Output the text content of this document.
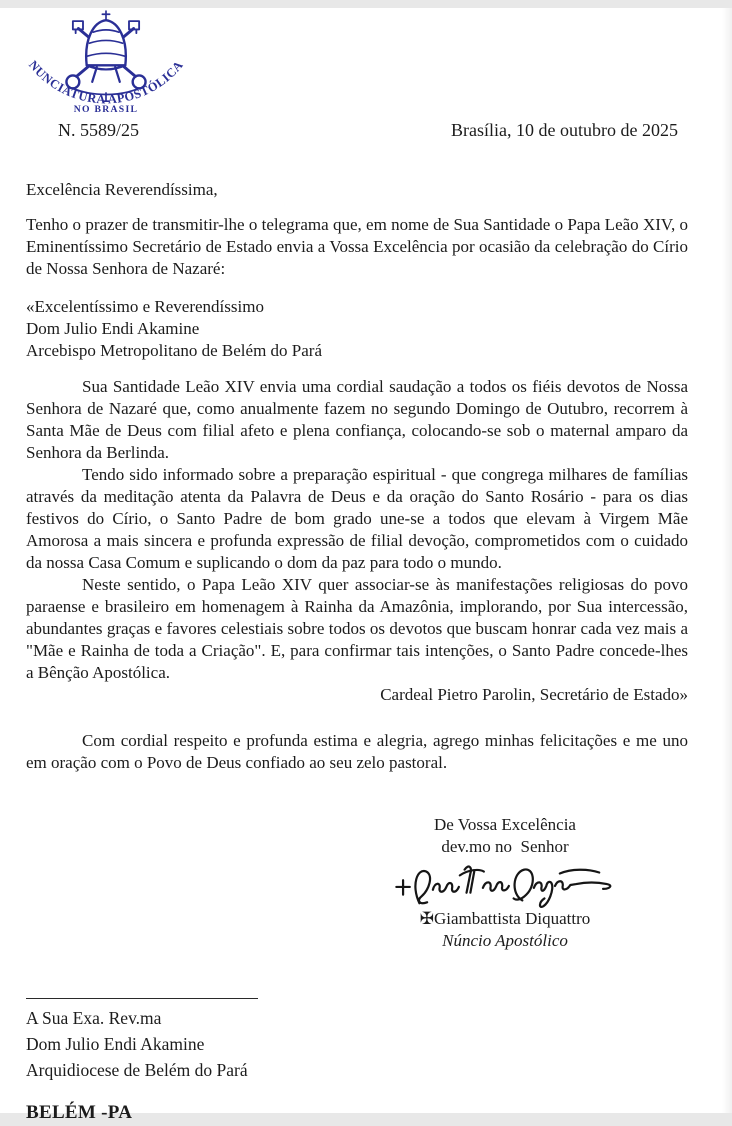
NUNCIATURA APOSTÓLICA
NO BRASIL
N. 5589/25	Brasília, 10 de outubro de 2025
Excelência Reverendíssima,

Tenho o prazer de transmitir-lhe o telegrama que, em nome de Sua Santidade o Papa Leão XIV, o Eminentíssimo Secretário de Estado envia a Vossa Excelência por ocasião da celebração do Círio de Nossa Senhora de Nazaré:

«Excelentíssimo e Reverendíssimo
Dom Julio Endi Akamine
Arcebispo Metropolitano de Belém do Pará

Sua Santidade Leão XIV envia uma cordial saudação a todos os fiéis devotos de Nossa Senhora de Nazaré que, como anualmente fazem no segundo Domingo de Outubro, recorrem à Santa Mãe de Deus com filial afeto e plena confiança, colocando-se sob o maternal amparo da Senhora da Berlinda.

Tendo sido informado sobre a preparação espiritual - que congrega milhares de famílias através da meditação atenta da Palavra de Deus e da oração do Santo Rosário - para os dias festivos do Círio, o Santo Padre de bom grado une-se a todos que elevam à Virgem Mãe Amorosa a mais sincera e profunda expressão de filial devoção, comprometidos com o cuidado da nossa Casa Comum e suplicando o dom da paz para todo o mundo.

Neste sentido, o Papa Leão XIV quer associar-se às manifestações religiosas do povo paraense e brasileiro em homenagem à Rainha da Amazônia, implorando, por Sua intercessão, abundantes graças e favores celestiais sobre todos os devotos que buscam honrar cada vez mais a "Mãe e Rainha de toda a Criação". E, para confirmar tais intenções, o Santo Padre concede-lhes a Bênção Apostólica.

Cardeal Pietro Parolin, Secretário de Estado»

Com cordial respeito e profunda estima e alegria, agrego minhas felicitações e me uno em oração com o Povo de Deus confiado ao seu zelo pastoral.

De Vossa Excelência
dev.mo no  Senhor
✠Giambattista Diquattro
Núncio Apostólico
A Sua Exa. Rev.ma
Dom Julio Endi Akamine
Arquidiocese de Belém do Pará
BELÉM -PA
